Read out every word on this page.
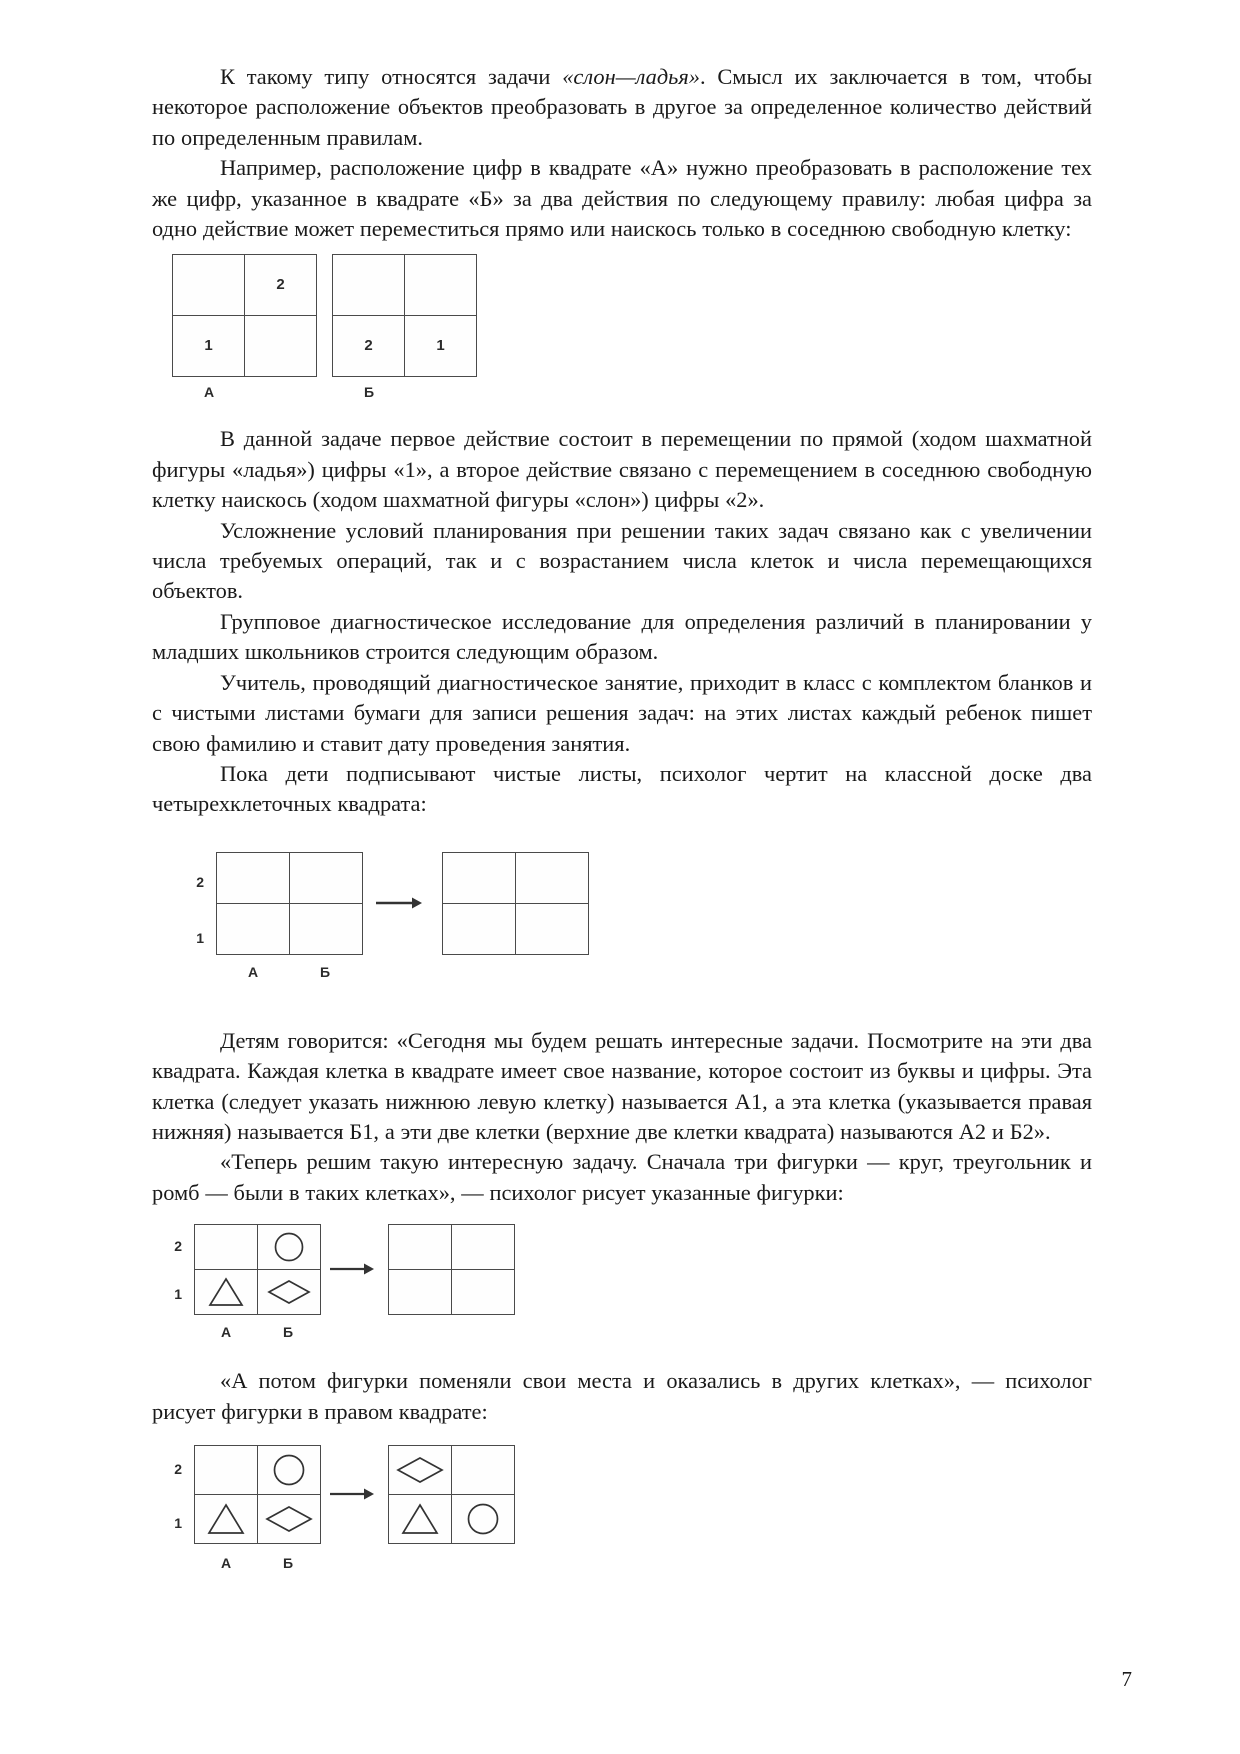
К такому типу относятся задачи «слон—ладья». Смысл их заключается в том, чтобы некоторое расположение объектов преобразовать в другое за определенное количество действий по определенным правилам.

Например, расположение цифр в квадрате «А» нужно преобразовать в расположение тех же цифр, указанное в квадрате «Б» за два действия по следующему правилу: любая цифра за одно действие может переместиться прямо или наискось только в соседнюю свободную клетку:

	2
1	
А

2	1
Б

В данной задаче первое действие состоит в перемещении по прямой (ходом шахматной фигуры «ладья») цифры «1», а второе действие связано с перемещением в соседнюю свободную клетку наискось (ходом шахматной фигуры «слон») цифры «2».

Усложнение условий планирования при решении таких задач связано как с увеличении числа требуемых операций, так и с возрастанием числа клеток и числа перемещающихся объектов.

Групповое диагностическое исследование для определения различий в планировании у младших школьников строится следующим образом.

Учитель, проводящий диагностическое занятие, приходит в класс с комплектом бланков и с чистыми листами бумаги для записи решения задач: на этих листах каждый ребенок пишет свою фамилию и ставит дату проведения занятия.

Пока дети подписывают чистые листы, психолог чертит на классной доске два четырехклеточных квадрата:

2
1

А	Б

Детям говорится: «Сегодня мы будем решать интересные задачи. Посмотрите на эти два квадрата. Каждая клетка в квадрате имеет свое название, которое состоит из буквы и цифры. Эта клетка (следует указать нижнюю левую клетку) называется А1, а эта клетка (указывается правая нижняя) называется Б1, а эти две клетки (верхние две клетки квадрата) называются А2 и Б2».

«Теперь решим такую интересную задачу. Сначала три фигурки — круг, треугольник и ромб — были в таких клетках», — психолог рисует указанные фигурки:

2
1

А	Б

«А потом фигурки поменяли свои места и оказались в других клетках», — психолог рисует фигурки в правом квадрате:

2
1

А	Б

7
